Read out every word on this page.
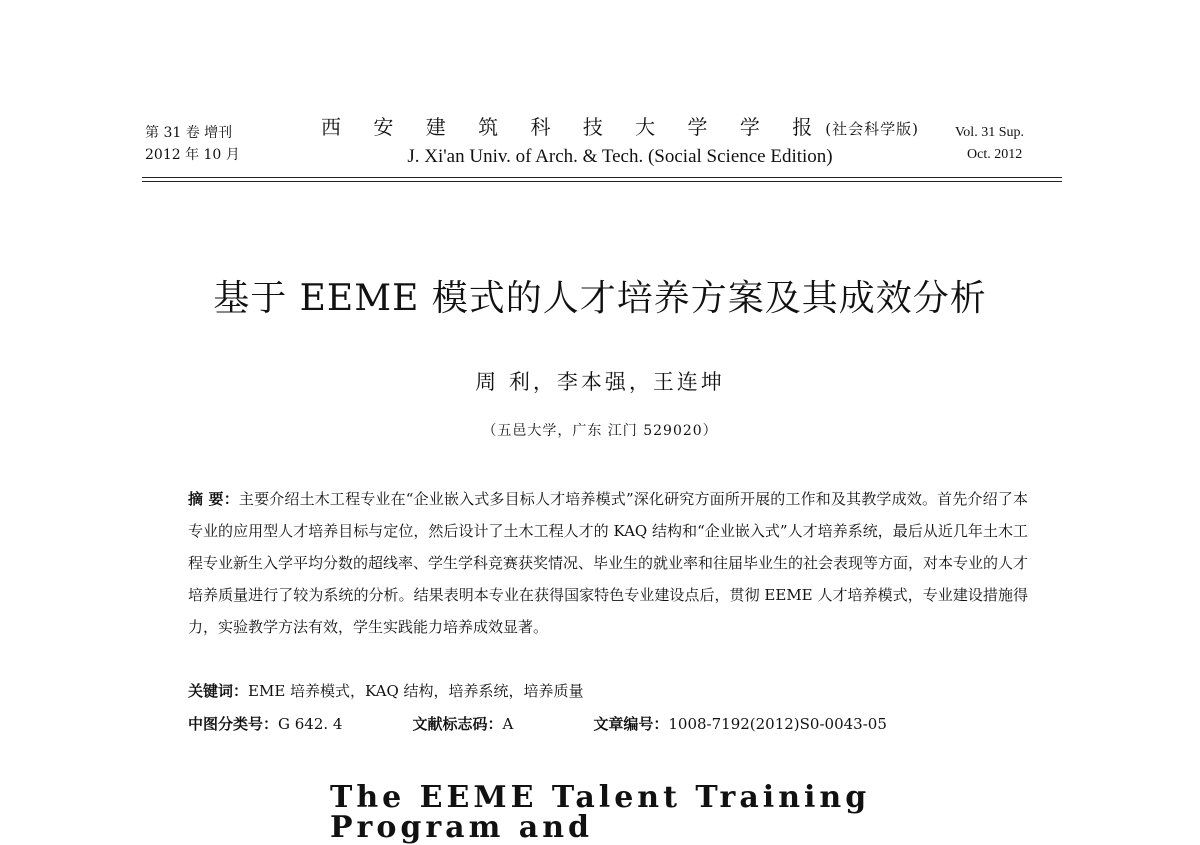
第 31 卷 增刊
2012 年 10 月
西 安 建 筑 科 技 大 学 学 报(社会科学版)
J. Xi'an Univ. of Arch. & Tech. (Social Science Edition)
Vol. 31 Sup.
Oct. 2012
基于 EEME 模式的人才培养方案及其成效分析
周 利，李本强，王连坤
（五邑大学，广东 江门 529020）
摘 要：主要介绍土木工程专业在“企业嵌入式多目标人才培养模式”深化研究方面所开展的工作和及其教学成效。首先介绍了本专业的应用型人才培养目标与定位，然后设计了土木工程人才的 KAQ 结构和“企业嵌入式”人才培养系统，最后从近几年土木工程专业新生入学平均分数的超线率、学生学科竞赛获奖情况、毕业生的就业率和往届毕业生的社会表现等方面，对本专业的人才培养质量进行了较为系统的分析。结果表明本专业在获得国家特色专业建设点后，贯彻 EEME 人才培养模式，专业建设措施得力，实验教学方法有效，学生实践能力培养成效显著。
关键词：EME 培养模式，KAQ 结构，培养系统，培养质量
中图分类号：G 642. 4	文献标志码：A	文章编号：1008-7192(2012)S0-0043-05
The EEME Talent Training Program and
